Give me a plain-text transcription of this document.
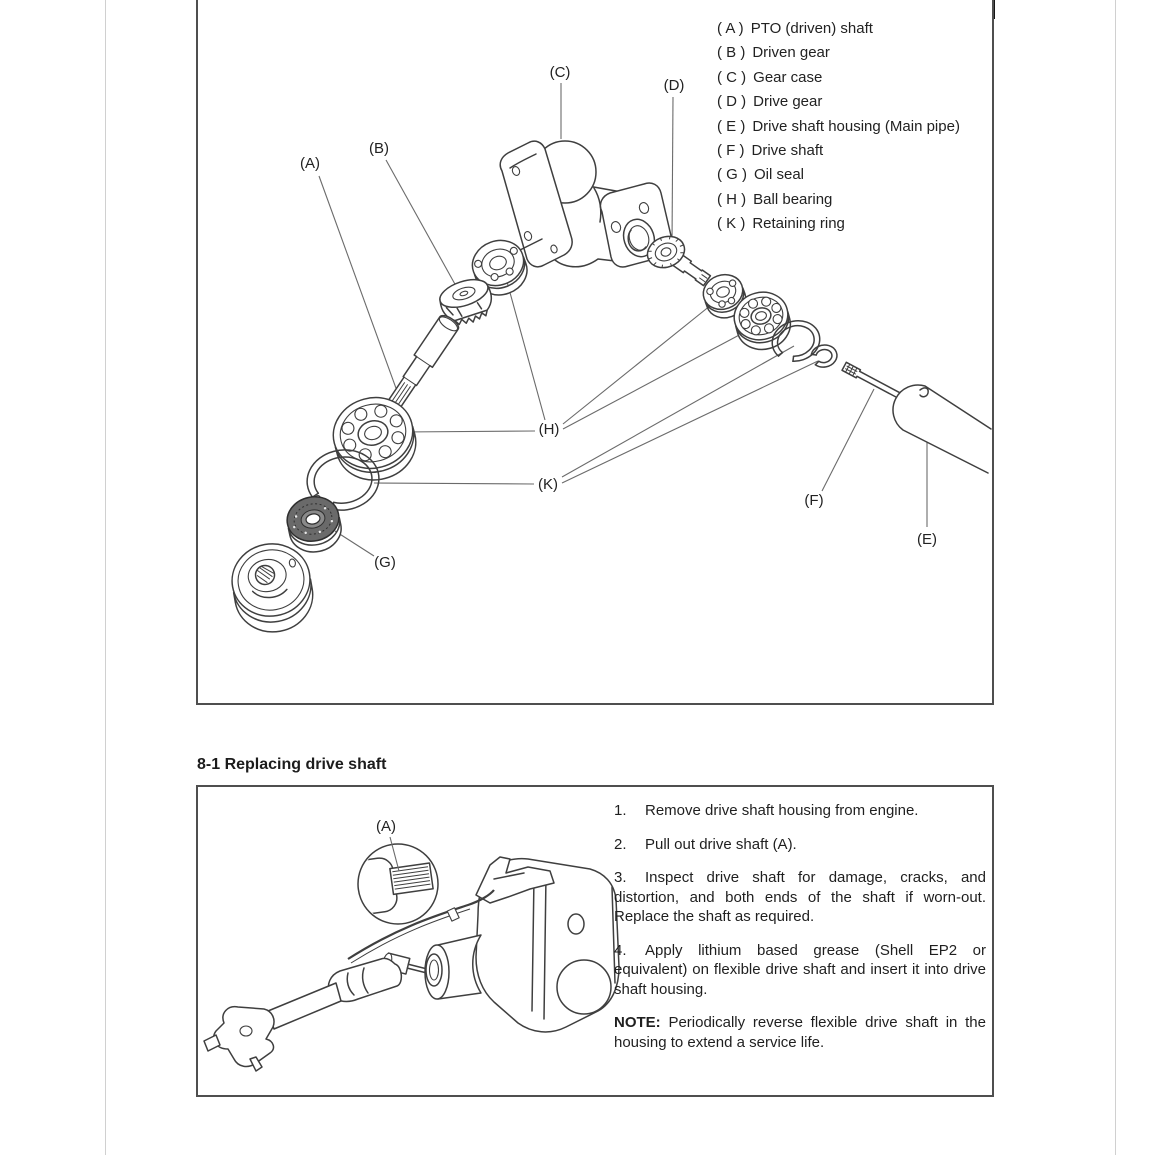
(A)
(B)
(C)
(D)
(E)
(F)
(G)
(H)
(K)
( A ) PTO (driven) shaft
( B ) Driven gear
( C ) Gear case
( D ) Drive gear
( E ) Drive shaft housing (Main pipe)
( F ) Drive shaft
( G ) Oil seal
( H ) Ball bearing
( K ) Retaining ring
8-1 Replacing drive shaft
(A)

1. Remove drive shaft housing from engine.

2. Pull out drive shaft (A).

3. Inspect drive shaft for damage, cracks, and distortion, and both ends of the shaft if worn-out. Replace the shaft as required.

4. Apply lithium based grease (Shell EP2 or equivalent) on flexible drive shaft and insert it into drive shaft housing.

NOTE: Periodically reverse flexible drive shaft in the housing to extend a service life.
